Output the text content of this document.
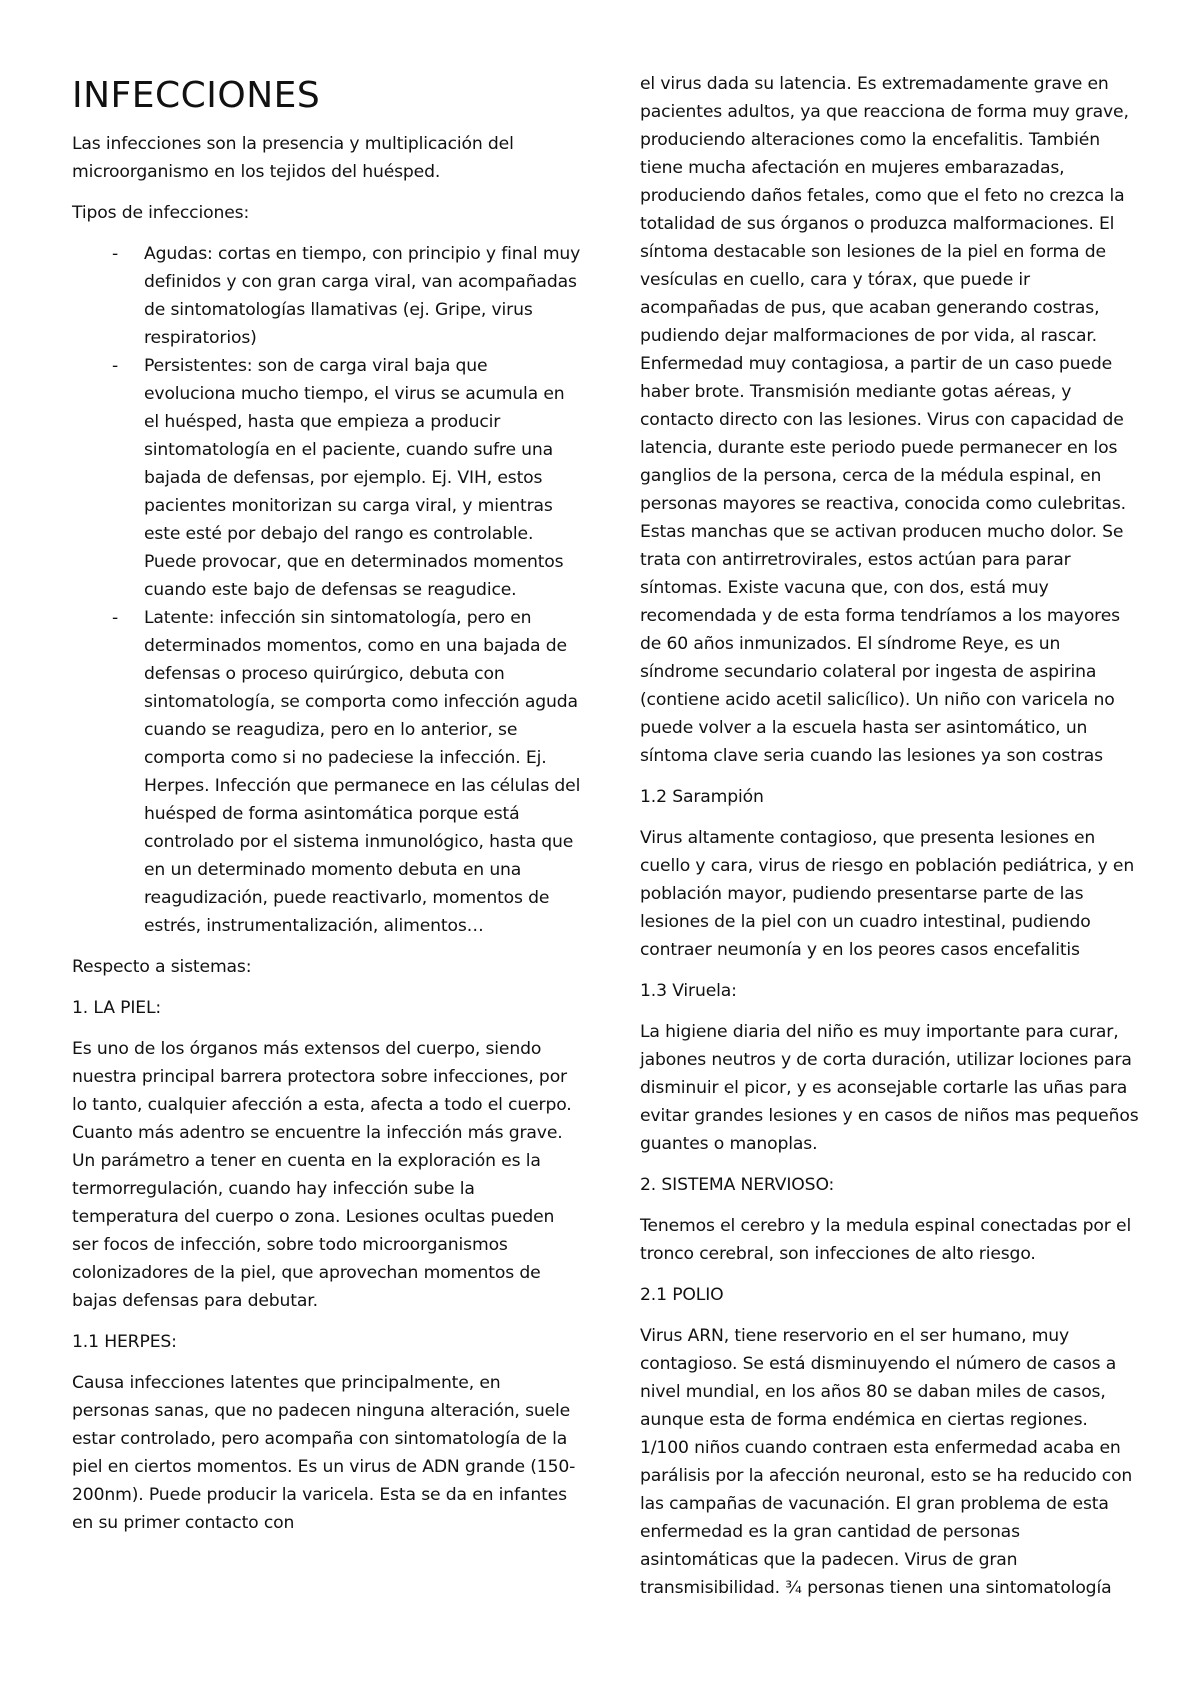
INFECCIONES

Las infecciones son la presencia y multiplicación del microorganismo en los tejidos del huésped.

Tipos de infecciones:

- Agudas: cortas en tiempo, con principio y final muy definidos y con gran carga viral, van acompañadas de sintomatologías llamativas (ej. Gripe, virus respiratorios)
- Persistentes: son de carga viral baja que evoluciona mucho tiempo, el virus se acumula en el huésped, hasta que empieza a producir sintomatología en el paciente, cuando sufre una bajada de defensas, por ejemplo. Ej. VIH, estos pacientes monitorizan su carga viral, y mientras este esté por debajo del rango es controlable. Puede provocar, que en determinados momentos cuando este bajo de defensas se reagudice.
- Latente: infección sin sintomatología, pero en determinados momentos, como en una bajada de defensas o proceso quirúrgico, debuta con sintomatología, se comporta como infección aguda cuando se reagudiza, pero en lo anterior, se comporta como si no padeciese la infección. Ej. Herpes. Infección que permanece en las células del huésped de forma asintomática porque está controlado por el sistema inmunológico, hasta que en un determinado momento debuta en una reagudización, puede reactivarlo, momentos de estrés, instrumentalización, alimentos…

Respecto a sistemas:

1. LA PIEL:

Es uno de los órganos más extensos del cuerpo, siendo nuestra principal barrera protectora sobre infecciones, por lo tanto, cualquier afección a esta, afecta a todo el cuerpo. Cuanto más adentro se encuentre la infección más grave. Un parámetro a tener en cuenta en la exploración es la termorregulación, cuando hay infección sube la temperatura del cuerpo o zona. Lesiones ocultas pueden ser focos de infección, sobre todo microorganismos colonizadores de la piel, que aprovechan momentos de bajas defensas para debutar.

1.1 HERPES:

Causa infecciones latentes que principalmente, en personas sanas, que no padecen ninguna alteración, suele estar controlado, pero acompaña con sintomatología de la piel en ciertos momentos. Es un virus de ADN grande (150-200nm). Puede producir la varicela. Esta se da en infantes en su primer contacto con

el virus dada su latencia. Es extremadamente grave en pacientes adultos, ya que reacciona de forma muy grave, produciendo alteraciones como la encefalitis. También tiene mucha afectación en mujeres embarazadas, produciendo daños fetales, como que el feto no crezca la totalidad de sus órganos o produzca malformaciones. El síntoma destacable son lesiones de la piel en forma de vesículas en cuello, cara y tórax, que puede ir acompañadas de pus, que acaban generando costras, pudiendo dejar malformaciones de por vida, al rascar. Enfermedad muy contagiosa, a partir de un caso puede haber brote. Transmisión mediante gotas aéreas, y contacto directo con las lesiones. Virus con capacidad de latencia, durante este periodo puede permanecer en los ganglios de la persona, cerca de la médula espinal, en personas mayores se reactiva, conocida como culebritas. Estas manchas que se activan producen mucho dolor. Se trata con antirretrovirales, estos actúan para parar síntomas. Existe vacuna que, con dos, está muy recomendada y de esta forma tendríamos a los mayores de 60 años inmunizados. El síndrome Reye, es un síndrome secundario colateral por ingesta de aspirina (contiene acido acetil salicílico). Un niño con varicela no puede volver a la escuela hasta ser asintomático, un síntoma clave seria cuando las lesiones ya son costras

1.2 Sarampión

Virus altamente contagioso, que presenta lesiones en cuello y cara, virus de riesgo en población pediátrica, y en población mayor, pudiendo presentarse parte de las lesiones de la piel con un cuadro intestinal, pudiendo contraer neumonía y en los peores casos encefalitis

1.3 Viruela:

La higiene diaria del niño es muy importante para curar, jabones neutros y de corta duración, utilizar lociones para disminuir el picor, y es aconsejable cortarle las uñas para evitar grandes lesiones y en casos de niños mas pequeños guantes o manoplas.

2. SISTEMA NERVIOSO:

Tenemos el cerebro y la medula espinal conectadas por el tronco cerebral, son infecciones de alto riesgo.

2.1 POLIO

Virus ARN, tiene reservorio en el ser humano, muy contagioso. Se está disminuyendo el número de casos a nivel mundial, en los años 80 se daban miles de casos, aunque esta de forma endémica en ciertas regiones. 1/100 niños cuando contraen esta enfermedad acaba en parálisis por la afección neuronal, esto se ha reducido con las campañas de vacunación. El gran problema de esta enfermedad es la gran cantidad de personas asintomáticas que la padecen. Virus de gran transmisibilidad. ¾ personas tienen una sintomatología
